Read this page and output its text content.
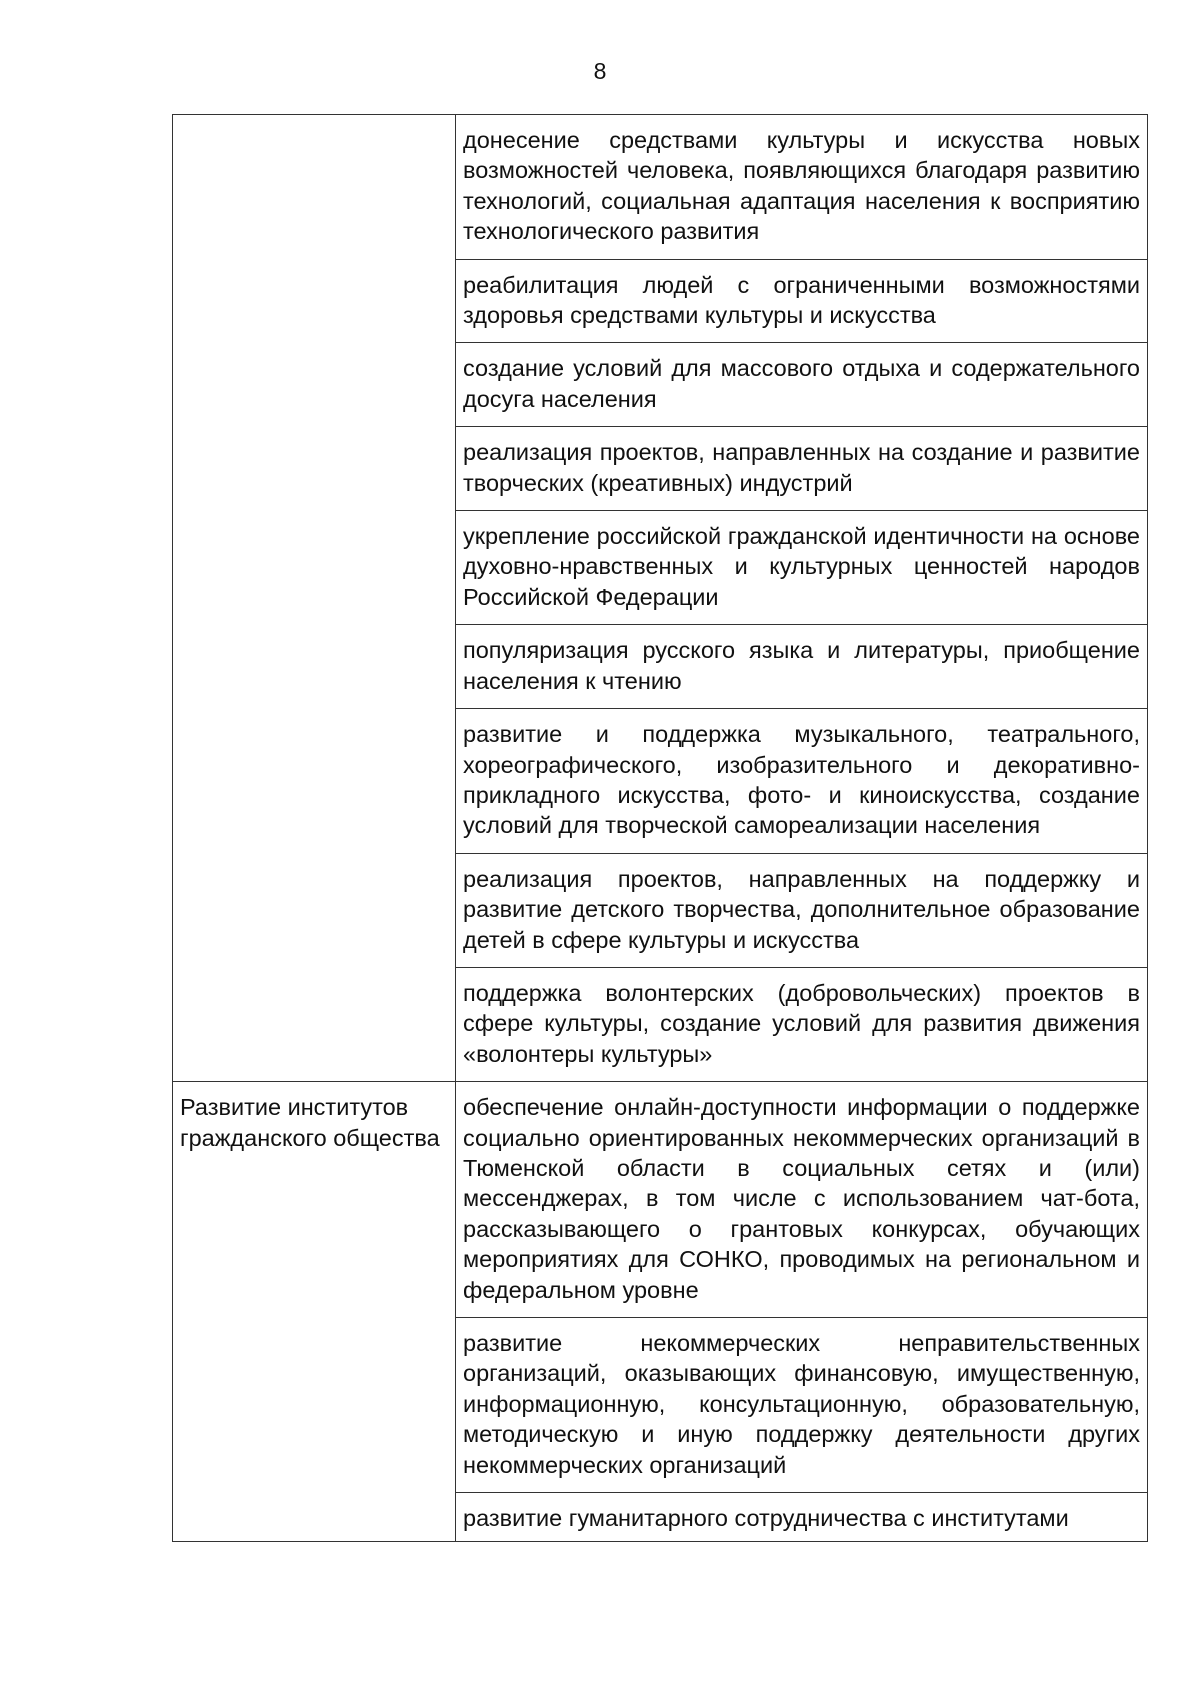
8
	донесение средствами культуры и искусства новых возможностей человека, появляющихся благодаря развитию технологий, социальная адаптация населения к восприятию технологического развития
	реабилитация людей с ограниченными возможностями здоровья средствами культуры и искусства
	создание условий для массового отдыха и содержательного досуга населения
	реализация проектов, направленных на создание и развитие творческих (креативных) индустрий
	укрепление российской гражданской идентичности на основе духовно-нравственных и культурных ценностей народов Российской Федерации
	популяризация русского языка и литературы, приобщение населения к чтению
	развитие и поддержка музыкального, театрального, хореографического, изобразительного и декоративно-прикладного искусства, фото- и киноискусства, создание условий для творческой самореализации населения
	реализация проектов, направленных на поддержку и развитие детского творчества, дополнительное образование детей в сфере культуры и искусства
	поддержка волонтерских (добровольческих) проектов в сфере культуры, создание условий для развития движения «волонтеры культуры»
Развитие институтов гражданского общества	обеспечение онлайн-доступности информации о поддержке социально ориентированных некоммерческих организаций в Тюменской области в социальных сетях и (или) мессенджерах, в том числе с использованием чат-бота, рассказывающего о грантовых конкурсах, обучающих мероприятиях для СОНКО, проводимых на региональном и федеральном уровне
	развитие некоммерческих неправительственных организаций, оказывающих финансовую, имущественную, информационную, консультационную, образовательную, методическую и иную поддержку деятельности других некоммерческих организаций
	развитие гуманитарного сотрудничества с институтами
